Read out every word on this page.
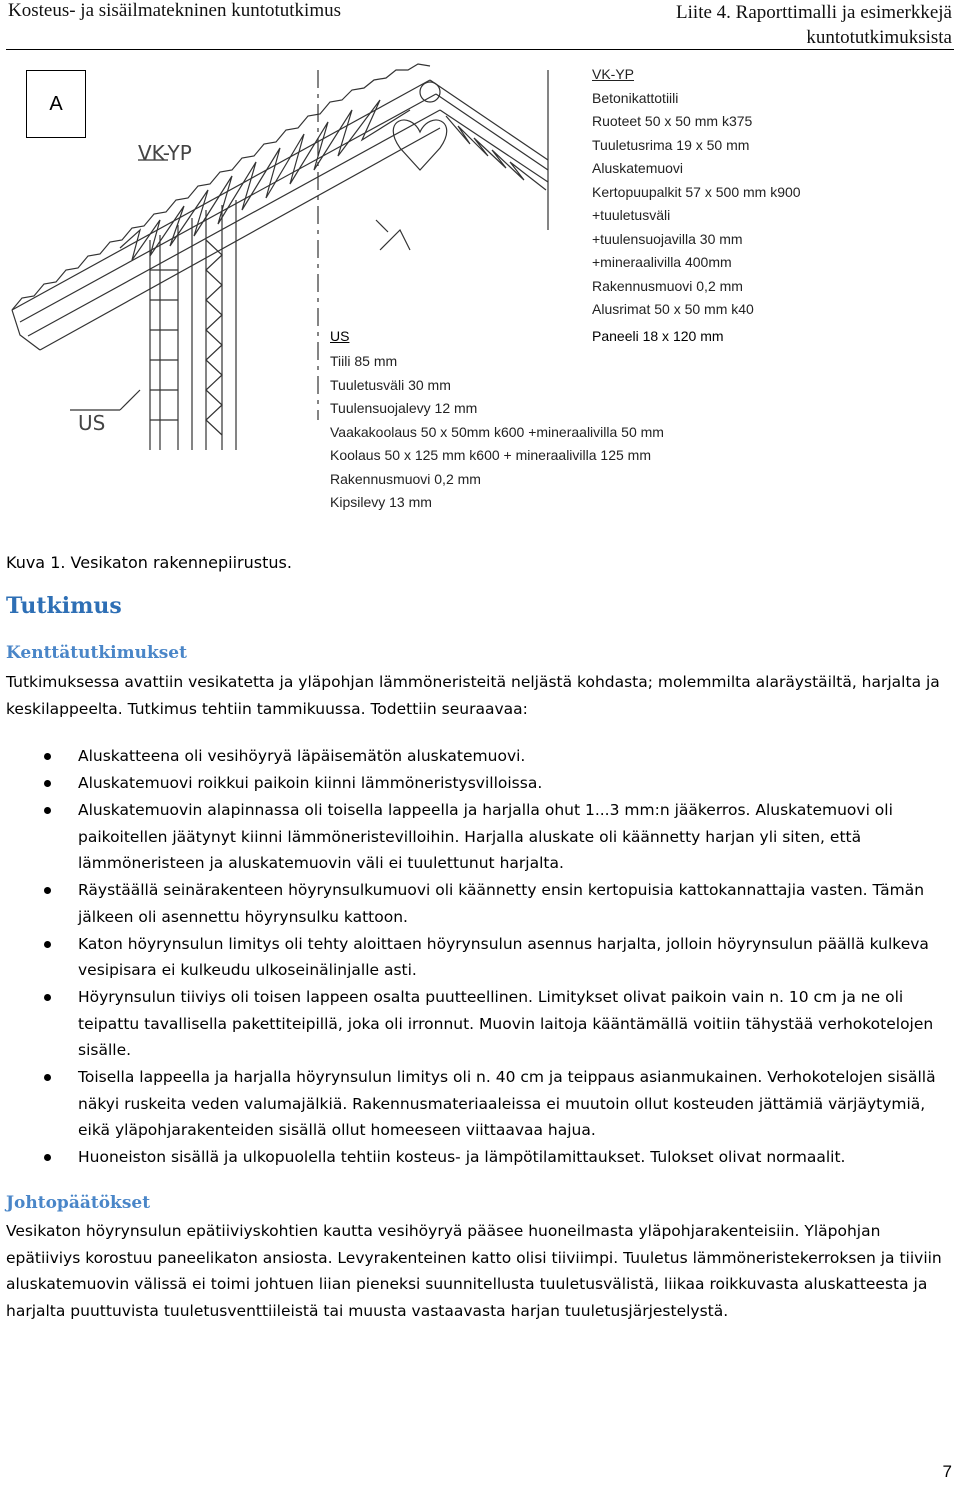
Kosteus- ja sisäilmatekninen kuntotutkimus	Liite 4. Raporttimalli ja esimerkkejä
kuntotutkimuksista
A
VK-YP
US
VK-YP
Betonikattotiili
Ruoteet 50 x 50 mm k375
Tuuletusrima 19 x 50 mm
Aluskatemuovi
Kertopuupalkit 57 x 500 mm k900
+tuuletusväli
+tuulensuojavilla 30 mm
+mineraalivilla 400mm
Rakennusmuovi 0,2 mm
Alusrimat 50 x 50 mm k40
US	Paneeli 18 x 120 mm
Tiili 85 mm
Tuuletusväli 30 mm
Tuulensuojalevy 12 mm
Vaakakoolaus 50 x 50mm k600 +mineraalivilla 50 mm
Koolaus 50 x 125 mm k600 + mineraalivilla 125 mm
Rakennusmuovi 0,2 mm
Kipsilevy 13 mm
Kuva 1. Vesikaton rakennepiirustus.
Tutkimus
Kenttätutkimukset
Tutkimuksessa avattiin vesikatetta ja yläpohjan lämmöneristeitä neljästä kohdasta; molemmilta alaräystäiltä, harjalta ja keskilappeelta. Tutkimus tehtiin tammikuussa. Todettiin seuraavaa:
Aluskatteena oli vesihöyryä läpäisemätön aluskatemuovi.
Aluskatemuovi roikkui paikoin kiinni lämmöneristysvilloissa.
Aluskatemuovin alapinnassa oli toisella lappeella ja harjalla ohut 1...3 mm:n jääkerros. Aluskatemuovi oli paikoitellen jäätynyt kiinni lämmöneristevilloihin. Harjalla aluskate oli käännetty harjan yli siten, että lämmöneristeen ja aluskatemuovin väli ei tuulettunut harjalta.
Räystäällä seinärakenteen höyrynsulkumuovi oli käännetty ensin kertopuisia kattokannattajia vasten. Tämän jälkeen oli asennettu höyrynsulku kattoon.
Katon höyrynsulun limitys oli tehty aloittaen höyrynsulun asennus harjalta, jolloin höyrynsulun päällä kulkeva vesipisara ei kulkeudu ulkoseinälinjalle asti.
Höyrynsulun tiiviys oli toisen lappeen osalta puutteellinen. Limitykset olivat paikoin vain n. 10 cm ja ne oli teipattu tavallisella pakettiteipillä, joka oli irronnut. Muovin laitoja kääntämällä voitiin tähystää verhokotelojen sisälle.
Toisella lappeella ja harjalla höyrynsulun limitys oli n. 40 cm ja teippaus asianmukainen. Verhokotelojen sisällä näkyi ruskeita veden valumajälkiä. Rakennusmateriaaleissa ei muutoin ollut kosteuden jättämiä värjäytymiä, eikä yläpohjarakenteiden sisällä ollut homeeseen viittaavaa hajua.
Huoneiston sisällä ja ulkopuolella tehtiin kosteus- ja lämpötilamittaukset. Tulokset olivat normaalit.
Johtopäätökset
Vesikaton höyrynsulun epätiiviyskohtien kautta vesihöyryä pääsee huoneilmasta yläpohjarakenteisiin. Yläpohjan epätiiviys korostuu paneelikaton ansiosta. Levyrakenteinen katto olisi tiiviimpi. Tuuletus lämmöneristekerroksen ja tiiviin aluskatemuovin välissä ei toimi johtuen liian pieneksi suunnitellusta tuuletusvälistä, liikaa roikkuvasta aluskatteesta ja harjalta puuttuvista tuuletusventtiileistä tai muusta vastaavasta harjan tuuletusjärjestelystä.
7
